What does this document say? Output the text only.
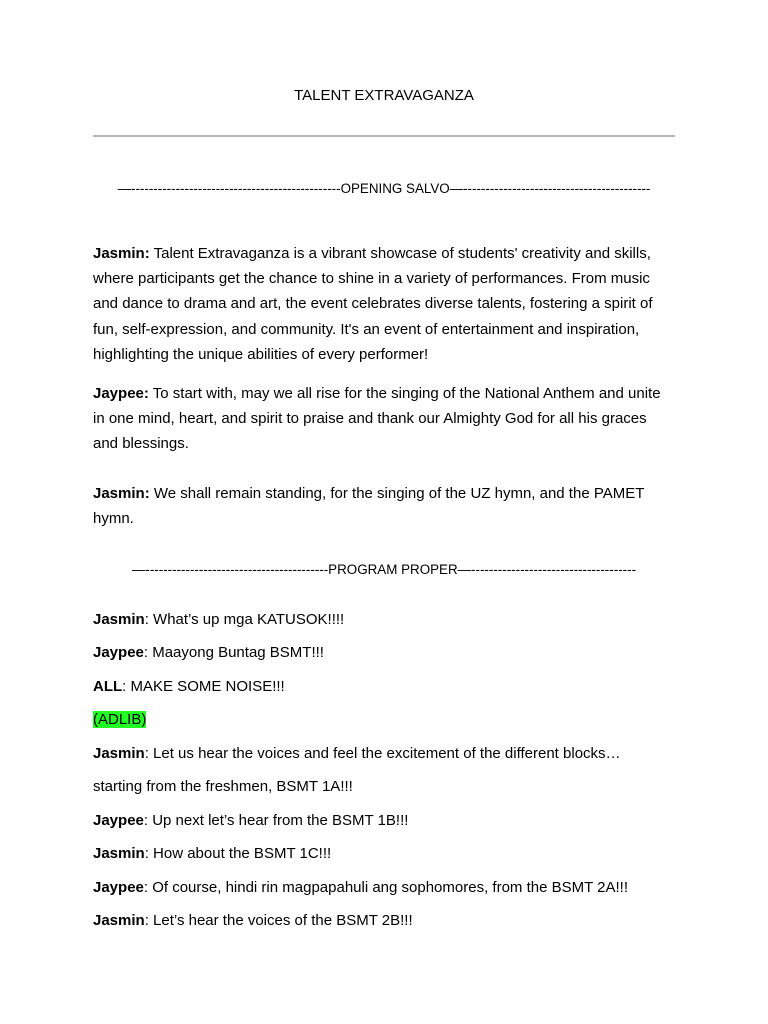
TALENT EXTRAVAGANZA
—-----------------------------------------------OPENING SALVO—------------------------------------------

Jasmin: Talent Extravaganza is a vibrant showcase of students' creativity and skills, where participants get the chance to shine in a variety of performances. From music and dance to drama and art, the event celebrates diverse talents, fostering a spirit of fun, self-expression, and community. It's an event of entertainment and inspiration, highlighting the unique abilities of every performer!

Jaypee: To start with, may we all rise for the singing of the National Anthem and unite in one mind, heart, and spirit to praise and thank our Almighty God for all his graces and blessings.

Jasmin: We shall remain standing, for the singing of the UZ hymn, and the PAMET hymn.

—-----------------------------------------PROGRAM PROPER—-------------------------------------
Jasmin: What’s up mga KATUSOK!!!!
Jaypee: Maayong Buntag BSMT!!!
ALL: MAKE SOME NOISE!!!
(ADLIB)
Jasmin: Let us hear the voices and feel the excitement of the different blocks…
starting from the freshmen, BSMT 1A!!!
Jaypee: Up next let’s hear from the BSMT 1B!!!
Jasmin: How about the BSMT 1C!!!
Jaypee: Of course, hindi rin magpapahuli ang sophomores, from the BSMT 2A!!!
Jasmin: Let’s hear the voices of the BSMT 2B!!!
